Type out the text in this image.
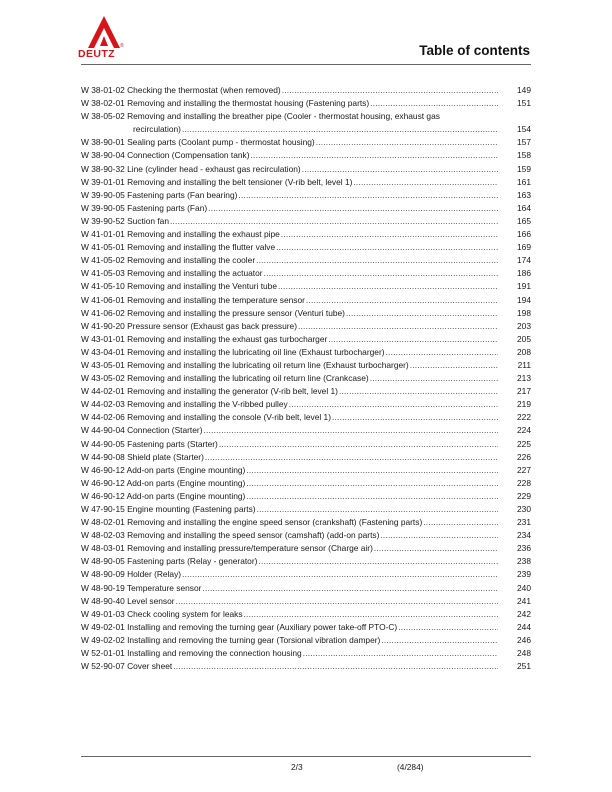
DEUTZ
®	Table of contents
W 38-01-02 Checking the thermostat (when removed) .....	149
W 38-02-01 Removing and installing the thermostat housing (Fastening parts) .....	151
W 38-05-02 Removing and installing the breather pipe (Cooler - thermostat housing, exhaust gas
recirculation) .....	154
W 38-90-01 Sealing parts (Coolant pump - thermostat housing) .....	157
W 38-90-04 Connection (Compensation tank) .....	158
W 38-90-32 Line (cylinder head - exhaust gas recirculation) .....	159
W 39-01-01 Removing and installing the belt tensioner (V-rib belt, level 1) .....	161
W 39-90-05 Fastening parts (Fan bearing) .....	163
W 39-90-05 Fastening parts (Fan) .....	164
W 39-90-52 Suction fan .....	165
W 41-01-01 Removing and installing the exhaust pipe .....	166
W 41-05-01 Removing and installing the flutter valve .....	169
W 41-05-02 Removing and installing the cooler .....	174
W 41-05-03 Removing and installing the actuator .....	186
W 41-05-10 Removing and installing the Venturi tube .....	191
W 41-06-01 Removing and installing the temperature sensor .....	194
W 41-06-02 Removing and installing the pressure sensor (Venturi tube) .....	198
W 41-90-20 Pressure sensor (Exhaust gas back pressure) .....	203
W 43-01-01 Removing and installing the exhaust gas turbocharger .....	205
W 43-04-01 Removing and installing the lubricating oil line (Exhaust turbocharger) .....	208
W 43-05-01 Removing and installing the lubricating oil return line (Exhaust turbocharger) .....	211
W 43-05-02 Removing and installing the lubricating oil return line (Crankcase) .....	213
W 44-02-01 Removing and installing the generator (V-rib belt, level 1) .....	217
W 44-02-03 Removing and installing the V-ribbed pulley .....	219
W 44-02-06 Removing and installing the console (V-rib belt, level 1) .....	222
W 44-90-04 Connection (Starter) .....	224
W 44-90-05 Fastening parts (Starter) .....	225
W 44-90-08 Shield plate (Starter) .....	226
W 46-90-12 Add-on parts (Engine mounting) .....	227
W 46-90-12 Add-on parts (Engine mounting) .....	228
W 46-90-12 Add-on parts (Engine mounting) .....	229
W 47-90-15 Engine mounting (Fastening parts) .....	230
W 48-02-01 Removing and installing the engine speed sensor (crankshaft) (Fastening parts) .....	231
W 48-02-03 Removing and installing the speed sensor (camshaft) (add-on parts) .....	234
W 48-03-01 Removing and installing pressure/temperature sensor (Charge air) .....	236
W 48-90-05 Fastening parts (Relay - generator) .....	238
W 48-90-09 Holder (Relay) .....	239
W 48-90-19 Temperature sensor .....	240
W 48-90-40 Level sensor .....	241
W 49-01-03 Check cooling system for leaks .....	242
W 49-02-01 Installing and removing the turning gear (Auxiliary power take-off PTO-C) .....	244
W 49-02-02 Installing and removing the turning gear (Torsional vibration damper) .....	246
W 52-01-01 Installing and removing the connection housing .....	248
W 52-90-07 Cover sheet .....	251
2/3	(4/284)
